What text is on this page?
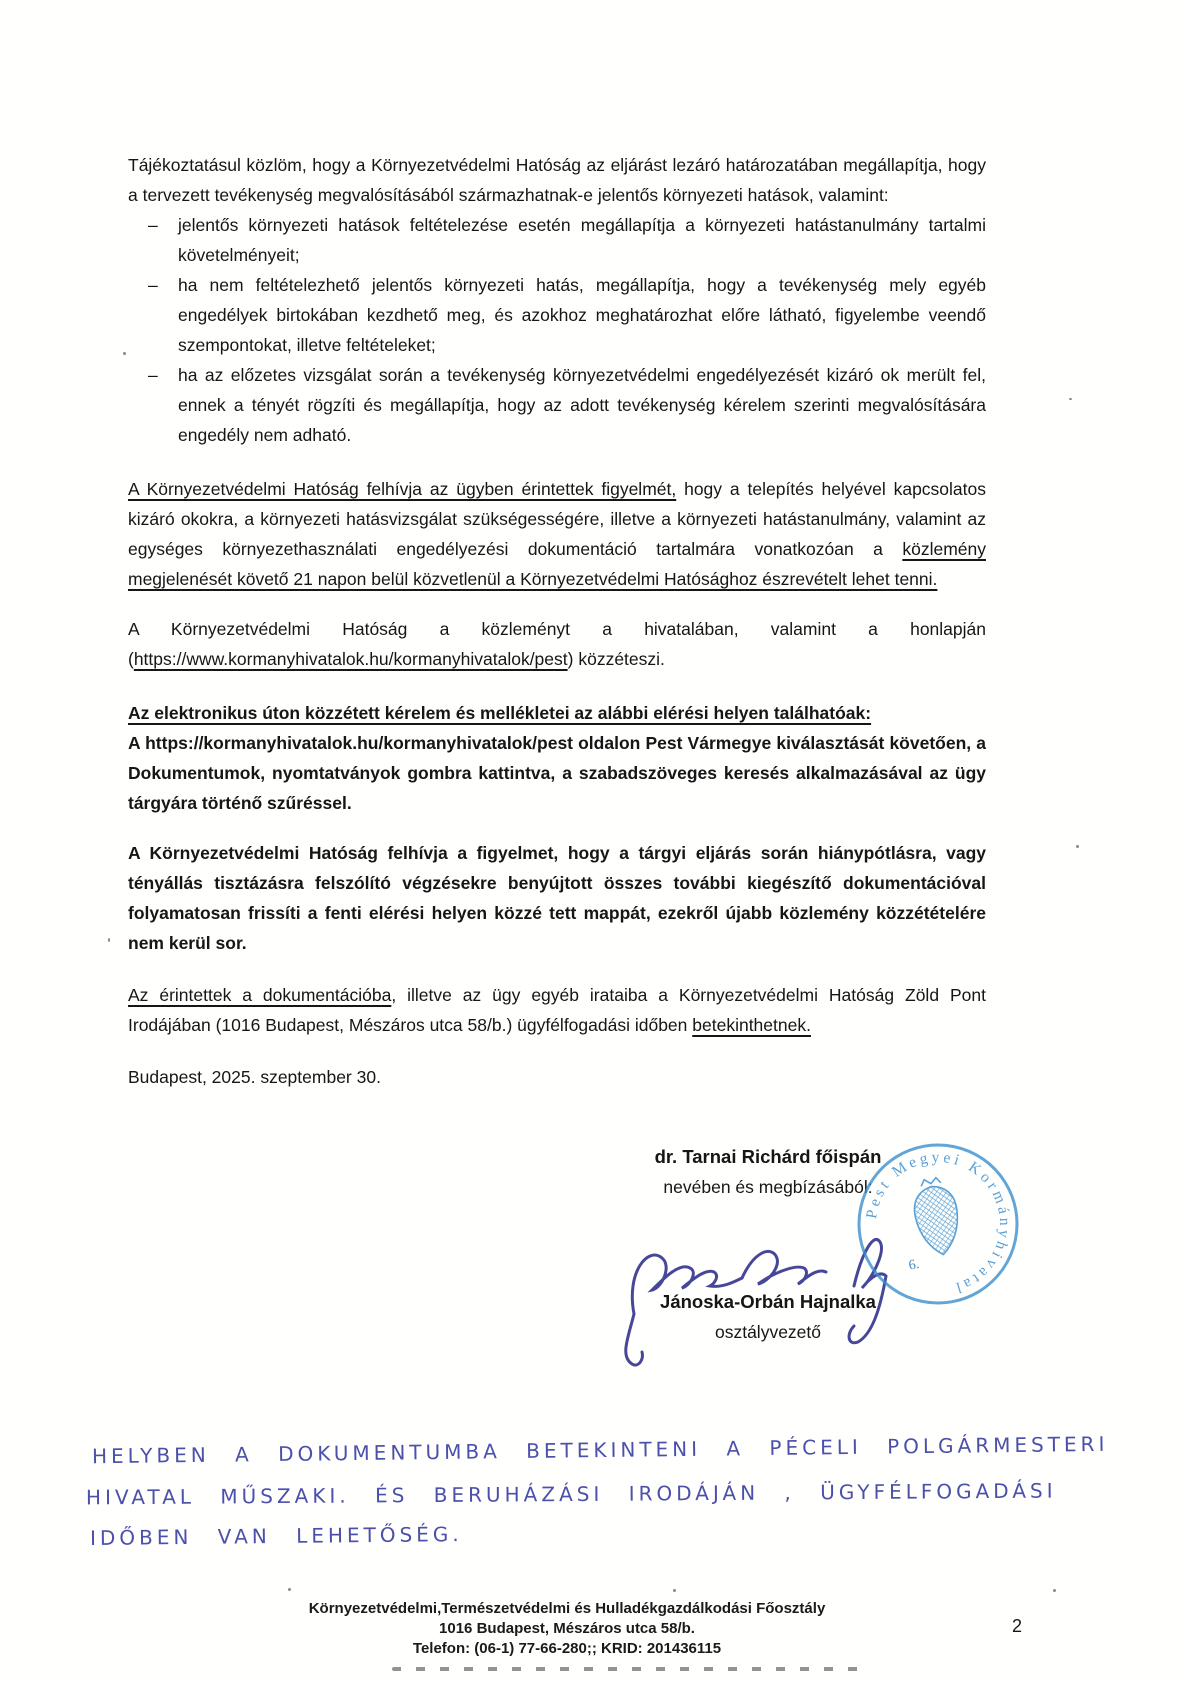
Tájékoztatásul közlöm, hogy a Környezetvédelmi Hatóság az eljárást lezáró határozatában megállapítja, hogy a tervezett tevékenység megvalósításából származhatnak-e jelentős környezeti hatások, valamint:

–	jelentős környezeti hatások feltételezése esetén megállapítja a környezeti hatástanulmány tartalmi követelményeit;

–	ha nem feltételezhető jelentős környezeti hatás, megállapítja, hogy a tevékenység mely egyéb engedélyek birtokában kezdhető meg, és azokhoz meghatározhat előre látható, figyelembe veendő szempontokat, illetve feltételeket;

–	ha az előzetes vizsgálat során a tevékenység környezetvédelmi engedélyezését kizáró ok merült fel, ennek a tényét rögzíti és megállapítja, hogy az adott tevékenység kérelem szerinti megvalósítására engedély nem adható.

A Környezetvédelmi Hatóság felhívja az ügyben érintettek figyelmét, hogy a telepítés helyével kapcsolatos kizáró okokra, a környezeti hatásvizsgálat szükségességére, illetve a környezeti hatástanulmány, valamint az egységes környezethasználati engedélyezési dokumentáció tartalmára vonatkozóan a közlemény megjelenését követő 21 napon belül közvetlenül a Környezetvédelmi Hatósághoz észrevételt lehet tenni.

A Környezetvédelmi Hatóság a közleményt a hivatalában, valamint a honlapján (https://www.kormanyhivatalok.hu/kormanyhivatalok/pest) közzéteszi.

Az elektronikus úton közzétett kérelem és mellékletei az alábbi elérési helyen találhatóak:

A https://kormanyhivatalok.hu/kormanyhivatalok/pest oldalon Pest Vármegye kiválasztását követően, a Dokumentumok, nyomtatványok gombra kattintva, a szabadszöveges keresés alkalmazásával az ügy tárgyára történő szűréssel.

A Környezetvédelmi Hatóság felhívja a figyelmet, hogy a tárgyi eljárás során hiánypótlásra, vagy tényállás tisztázásra felszólító végzésekre benyújtott összes további kiegészítő dokumentációval folyamatosan frissíti a fenti elérési helyen közzé tett mappát, ezekről újabb közlemény közzétételére nem kerül sor.

Az érintettek a dokumentációba, illetve az ügy egyéb irataiba a Környezetvédelmi Hatóság Zöld Pont Irodájában (1016 Budapest, Mészáros utca 58/b.) ügyfélfogadási időben betekinthetnek.

Budapest, 2025. szeptember 30.

dr. Tarnai Richárd főispán
nevében és megbízásából:
Jánoska-Orbán Hajnalka
osztályvezető
Pest Megyei Kormányhivatal
6.
HELYBEN A DOKUMENTUMBA BETEKINTENI A PÉCELI POLGÁRMESTERI
HIVATAL MŰSZAKI. ÉS BERUHÁZÁSI IRODÁJÁN , ÜGYFÉLFOGADÁSI
IDŐBEN VAN LEHETŐSÉG.
Környezetvédelmi,Természetvédelmi és Hulladékgazdálkodási Főosztály
1016 Budapest, Mészáros utca 58/b.
Telefon: (06-1) 77-66-280;; KRID: 201436115
2
